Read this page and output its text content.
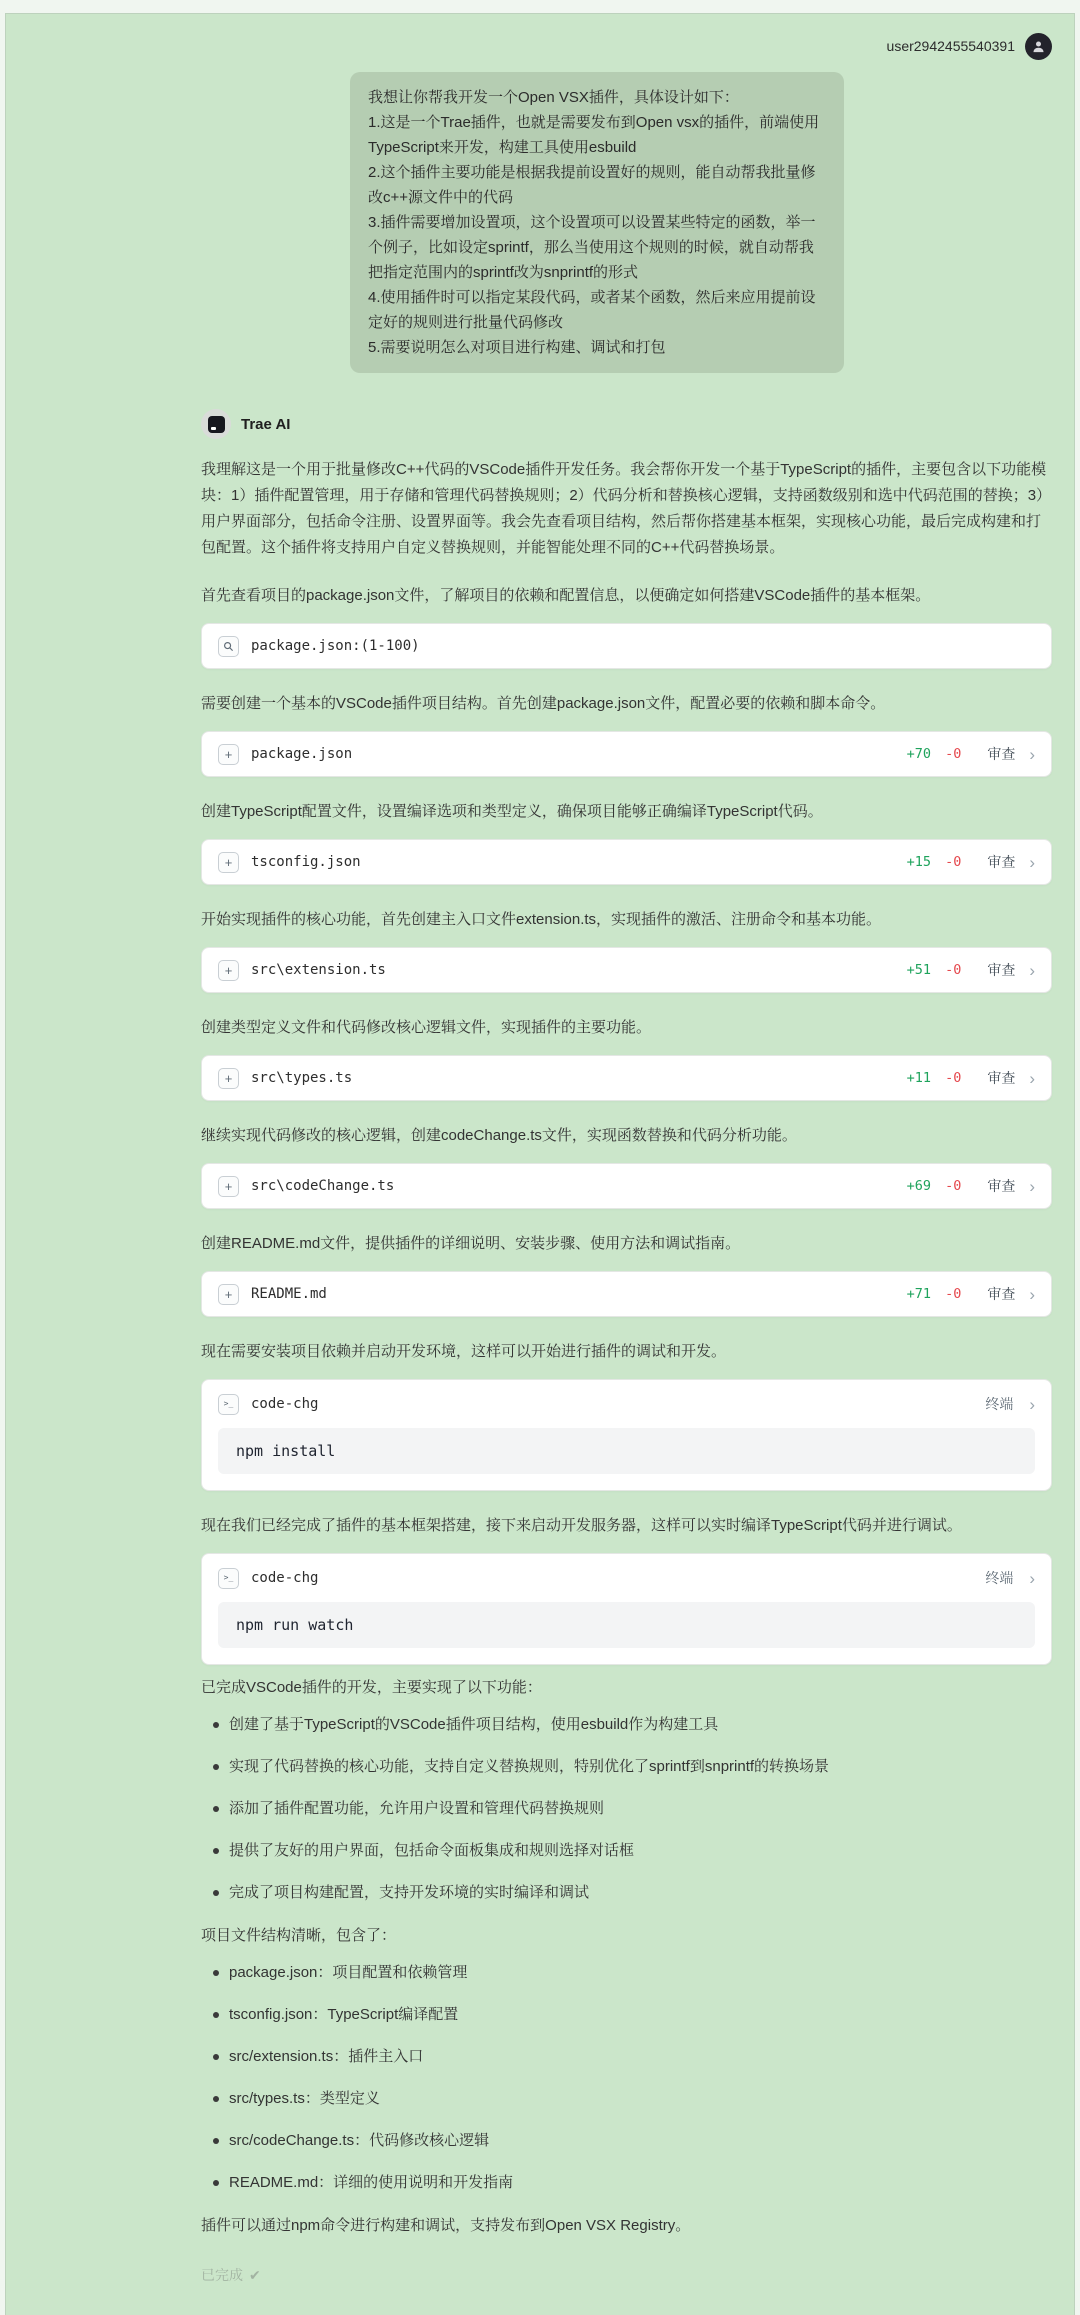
user2942455540391
我想让你帮我开发一个Open VSX插件，具体设计如下：
1.这是一个Trae插件，也就是需要发布到Open vsx的插件，前端使用TypeScript来开发，构建工具使用esbuild
2.这个插件主要功能是根据我提前设置好的规则，能自动帮我批量修改c++源文件中的代码
3.插件需要增加设置项，这个设置项可以设置某些特定的函数，举一个例子，比如设定sprintf，那么当使用这个规则的时候，就自动帮我把指定范围内的sprintf改为snprintf的形式
4.使用插件时可以指定某段代码，或者某个函数，然后来应用提前设定好的规则进行批量代码修改
5.需要说明怎么对项目进行构建、调试和打包
Trae AI

我理解这是一个用于批量修改C++代码的VSCode插件开发任务。我会帮你开发一个基于TypeScript的插件，主要包含以下功能模块：1）插件配置管理，用于存储和管理代码替换规则；2）代码分析和替换核心逻辑，支持函数级别和选中代码范围的替换；3）用户界面部分，包括命令注册、设置界面等。我会先查看项目结构，然后帮你搭建基本框架，实现核心功能，最后完成构建和打包配置。这个插件将支持用户自定义替换规则，并能智能处理不同的C++代码替换场景。

首先查看项目的package.json文件，了解项目的依赖和配置信息，以便确定如何搭建VSCode插件的基本框架。

package.json:(1-100)

需要创建一个基本的VSCode插件项目结构。首先创建package.json文件，配置必要的依赖和脚本命令。

+	package.json	+70 -0 审查 ›

创建TypeScript配置文件，设置编译选项和类型定义，确保项目能够正确编译TypeScript代码。

+	tsconfig.json	+15 -0 审查 ›

开始实现插件的核心功能，首先创建主入口文件extension.ts，实现插件的激活、注册命令和基本功能。

+	src\extension.ts	+51 -0 审查 ›

创建类型定义文件和代码修改核心逻辑文件，实现插件的主要功能。

+	src\types.ts	+11 -0 审查 ›

继续实现代码修改的核心逻辑，创建codeChange.ts文件，实现函数替换和代码分析功能。

+	src\codeChange.ts	+69 -0 审查 ›

创建README.md文件，提供插件的详细说明、安装步骤、使用方法和调试指南。

+	README.md	+71 -0 审查 ›

现在需要安装项目依赖并启动开发环境，这样可以开始进行插件的调试和开发。

>_	code-chg	终端 ›
npm install

现在我们已经完成了插件的基本框架搭建，接下来启动开发服务器，这样可以实时编译TypeScript代码并进行调试。

>_	code-chg	终端 ›
npm run watch

已完成VSCode插件的开发，主要实现了以下功能：

创建了基于TypeScript的VSCode插件项目结构，使用esbuild作为构建工具
实现了代码替换的核心功能，支持自定义替换规则，特别优化了sprintf到snprintf的转换场景
添加了插件配置功能，允许用户设置和管理代码替换规则
提供了友好的用户界面，包括命令面板集成和规则选择对话框
完成了项目构建配置，支持开发环境的实时编译和调试

项目文件结构清晰，包含了：

package.json：项目配置和依赖管理
tsconfig.json：TypeScript编译配置
src/extension.ts：插件主入口
src/types.ts：类型定义
src/codeChange.ts：代码修改核心逻辑
README.md：详细的使用说明和开发指南

插件可以通过npm命令进行构建和调试，支持发布到Open VSX Registry。

已完成 ✔
